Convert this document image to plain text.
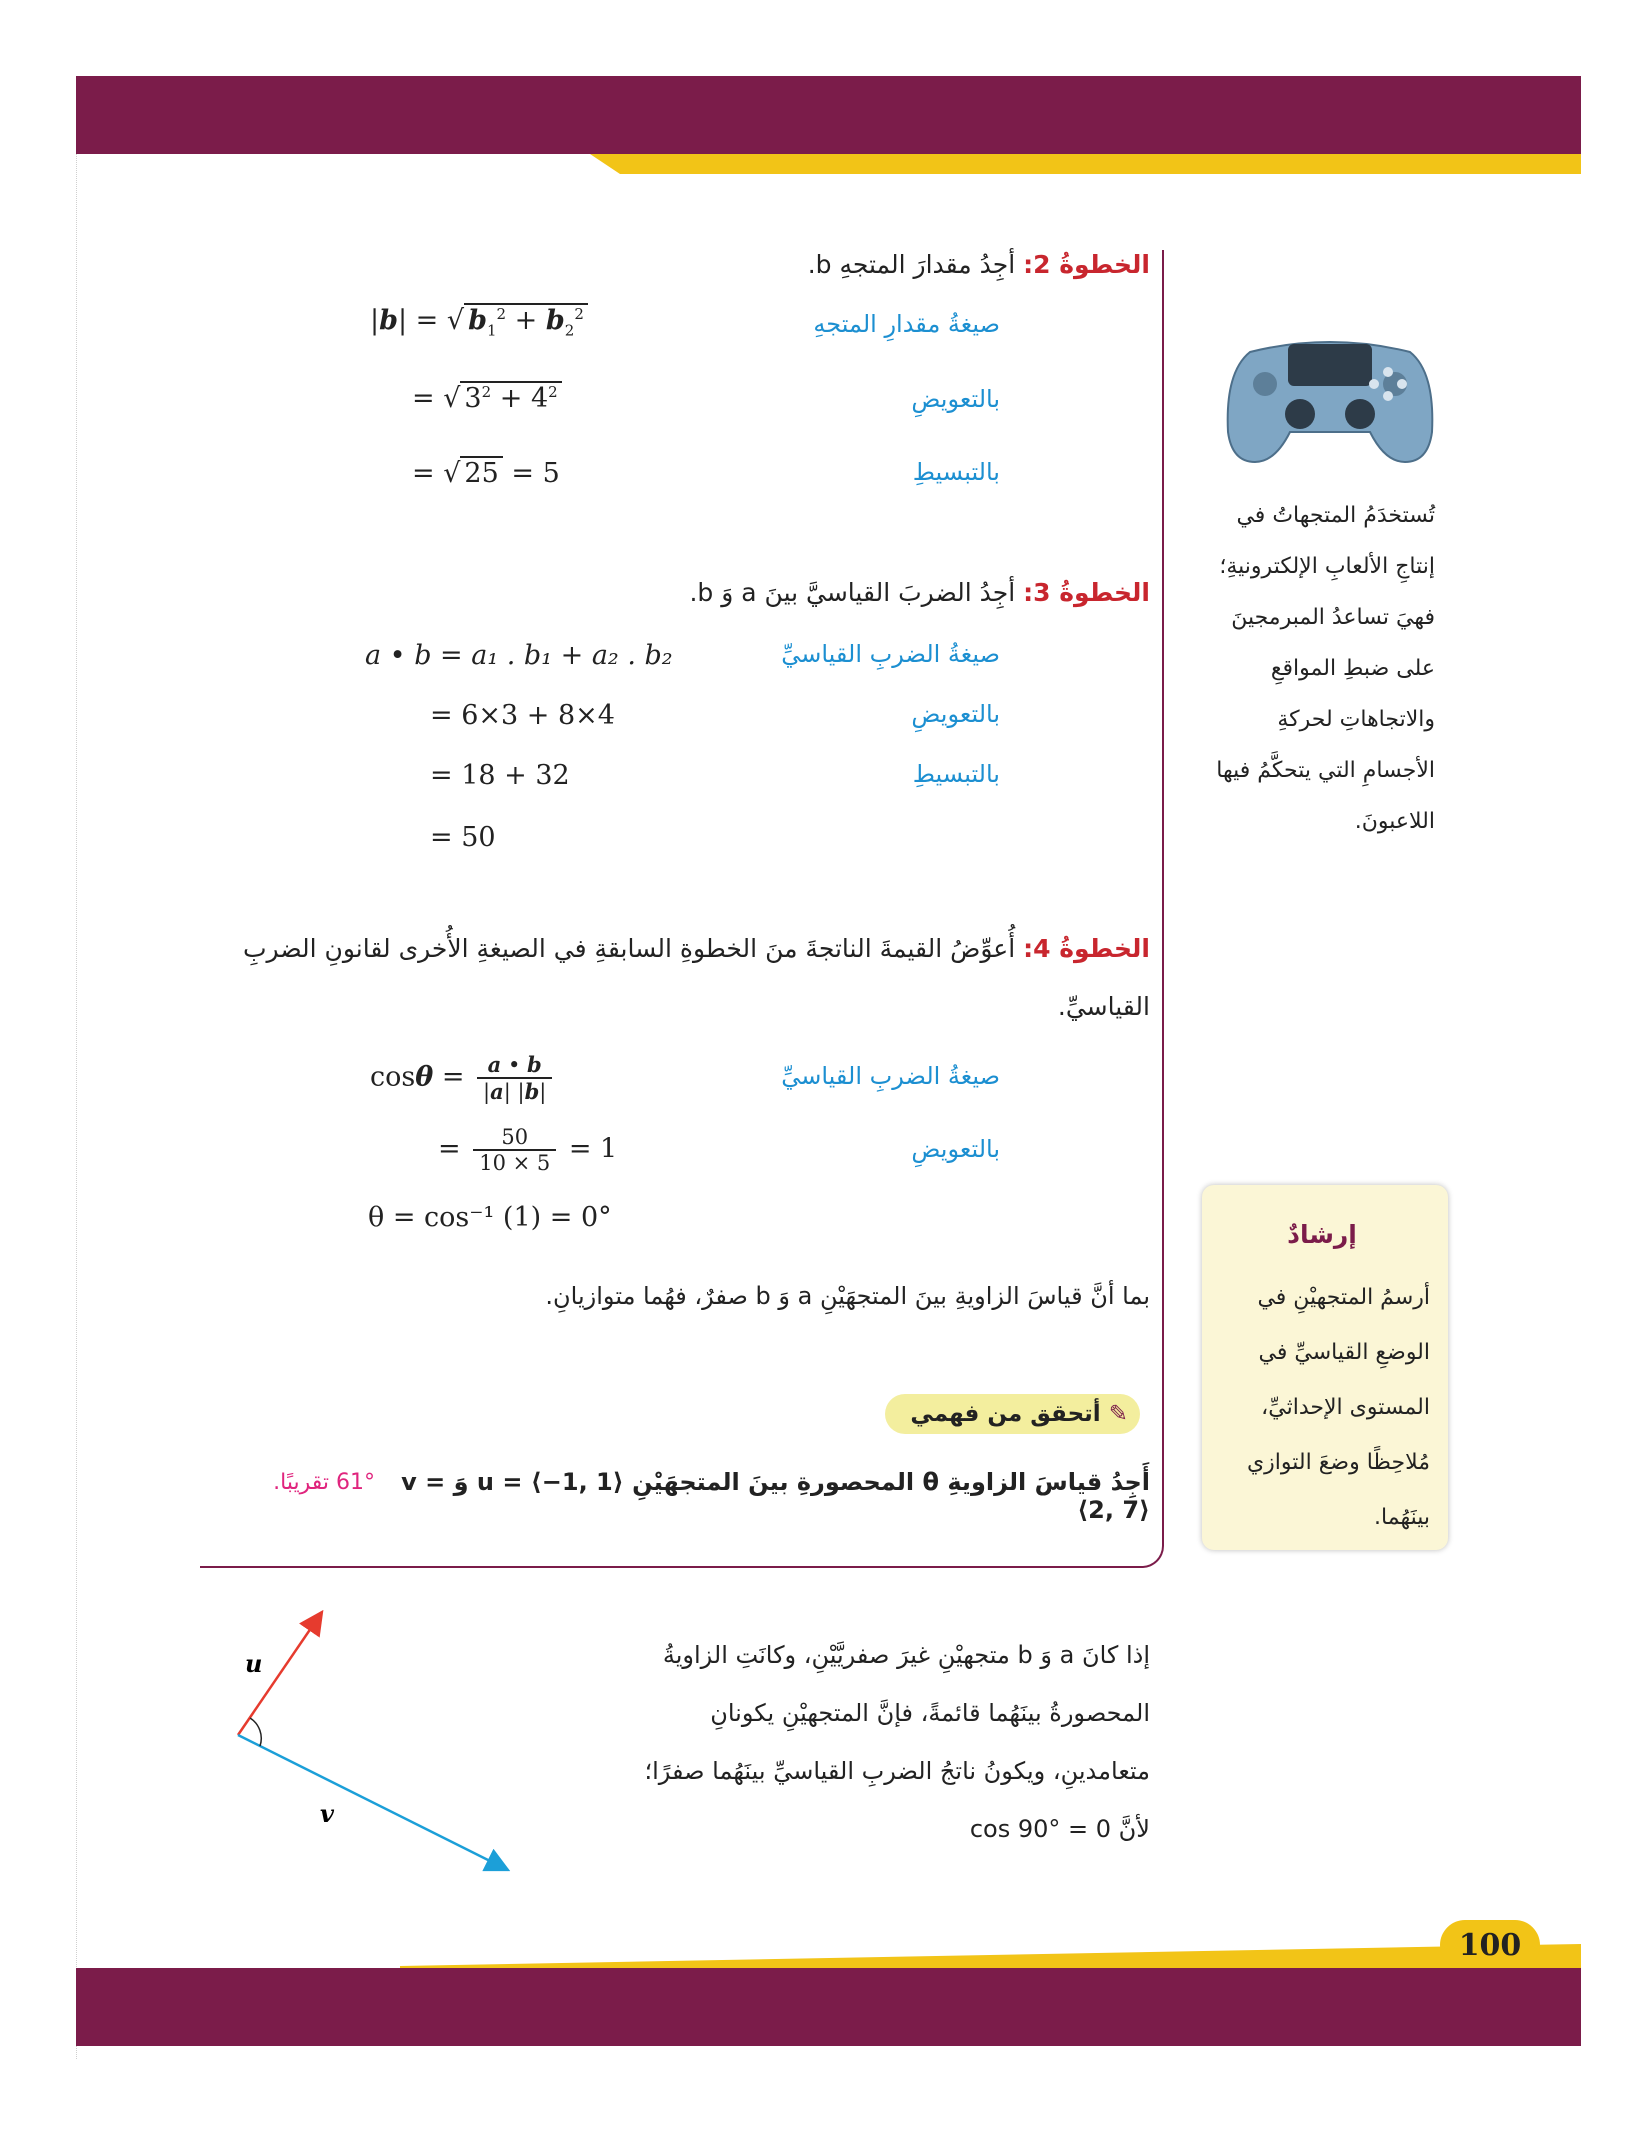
الخطوةُ 2: أجِدُ مقدارَ المتجهِ b.
صيغةُ مقدارِ المتجهِ
|b| = √ $b_1^2 + b_2^2$
بالتعويضِ
= √ $3^2 + 4^2$
بالتبسيطِ
= √ 25 = 5
الخطوةُ 3: أجِدُ الضربَ القياسيَّ بينَ a وَ b.
صيغةُ الضربِ القياسيِّ
a • b = a₁ . b₁ + a₂ . b₂
بالتعويضِ
= 6×3 + 8×4
بالتبسيطِ
= 18 + 32
= 50
الخطوةُ 4: أُعوِّضُ القيمةَ الناتجةَ منَ الخطوةِ السابقةِ في الصيغةِ الأُخرى لقانونِ الضربِ القياسيِّ.
صيغةُ الضربِ القياسيِّ
$\cos\theta = \frac{a • b}{|a| |b|}$
بالتعويضِ
= $\frac{50}{10 \times 5} = 1$
θ = cos⁻¹ (1) = 0°
بما أنَّ قياسَ الزاويةِ بينَ المتجهَيْنِ a وَ b صفرٌ، فهُما متوازيانِ.
✎ أتحقق من فهمي
أَجِدُ قياسَ الزاويةِ θ المحصورةِ بينَ المتجهَيْنِ u = ⟨−1, 1⟩ وَ v = ⟨2, 7⟩
61° تقريبًا.
تُستخدَمُ المتجهاتُ في إنتاجِ الألعابِ الإلكترونيةِ؛ فهيَ تساعدُ المبرمجينَ على ضبطِ المواقعِ والاتجاهاتِ لحركةِ الأجسامِ التي يتحكَّمُ فيها اللاعبونَ.
إرشادٌ
أرسمُ المتجهيْنِ في الوضعِ القياسيِّ في المستوى الإحداثيِّ، مُلاحِظًا وضعَ التوازي بينَهُما.
إذا كانَ a وَ b متجهيْنِ غيرَ صفريَّيْنِ، وكانَتِ الزاويةُ المحصورةُ بينَهُما قائمةً، فإنَّ المتجهيْنِ يكونانِ متعامدينِ، ويكونُ ناتجُ الضربِ القياسيِّ بينَهُما صفرًا؛ لأنَّ cos 90° = 0
u
v
100
